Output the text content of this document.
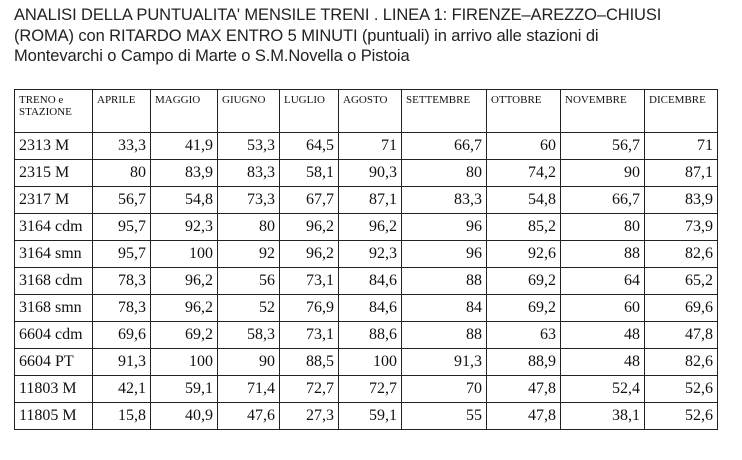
ANALISI DELLA PUNTUALITA' MENSILE TRENI . LINEA 1: FIRENZE–AREZZO–CHIUSI
(ROMA) con RITARDO MAX ENTRO 5 MINUTI (puntuali) in arrivo alle stazioni di
Montevarchi o Campo di Marte o S.M.Novella o Pistoia
TRENO e STAZIONE	APRILE	MAGGIO	GIUGNO	LUGLIO	AGOSTO	SETTEMBRE	OTTOBRE	NOVEMBRE	DICEMBRE
2313 M	33,3	41,9	53,3	64,5	71	66,7	60	56,7	71
2315 M	80	83,9	83,3	58,1	90,3	80	74,2	90	87,1
2317 M	56,7	54,8	73,3	67,7	87,1	83,3	54,8	66,7	83,9
3164 cdm	95,7	92,3	80	96,2	96,2	96	85,2	80	73,9
3164 smn	95,7	100	92	96,2	92,3	96	92,6	88	82,6
3168 cdm	78,3	96,2	56	73,1	84,6	88	69,2	64	65,2
3168 smn	78,3	96,2	52	76,9	84,6	84	69,2	60	69,6
6604 cdm	69,6	69,2	58,3	73,1	88,6	88	63	48	47,8
6604 PT	91,3	100	90	88,5	100	91,3	88,9	48	82,6
11803 M	42,1	59,1	71,4	72,7	72,7	70	47,8	52,4	52,6
11805 M	15,8	40,9	47,6	27,3	59,1	55	47,8	38,1	52,6
